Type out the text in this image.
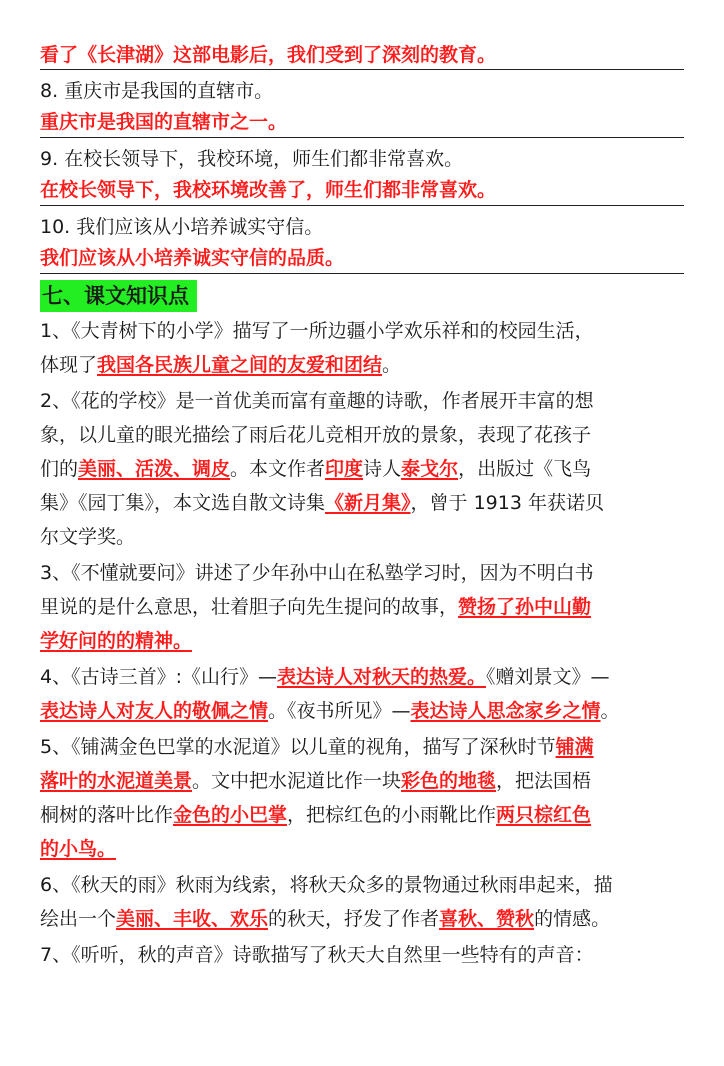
看了《长津湖》这部电影后，我们受到了深刻的教育。
8. 重庆市是我国的直辖市。
重庆市是我国的直辖市之一。
9. 在校长领导下，我校环境，师生们都非常喜欢。
在校长领导下，我校环境改善了，师生们都非常喜欢。
10. 我们应该从小培养诚实守信。
我们应该从小培养诚实守信的品质。
七、课文知识点
1、《大青树下的小学》描写了一所边疆小学欢乐祥和的校园生活，
体现了我国各民族儿童之间的友爱和团结。
2、《花的学校》是一首优美而富有童趣的诗歌，作者展开丰富的想
象，以儿童的眼光描绘了雨后花儿竞相开放的景象，表现了花孩子
们的美丽、活泼、调皮。本文作者印度诗人泰戈尔，出版过《飞鸟
集》《园丁集》，本文选自散文诗集《新月集》，曾于 1913 年获诺贝
尔文学奖。
3、《不懂就要问》讲述了少年孙中山在私塾学习时，因为不明白书
里说的是什么意思，壮着胆子向先生提问的故事，赞扬了孙中山勤
学好问的的精神。
4、《古诗三首》:《山行》—表达诗人对秋天的热爱。《赠刘景文》—
表达诗人对友人的敬佩之情。《夜书所见》—表达诗人思念家乡之情。
5、《铺满金色巴掌的水泥道》以儿童的视角，描写了深秋时节铺满
落叶的水泥道美景。文中把水泥道比作一块彩色的地毯，把法国梧
桐树的落叶比作金色的小巴掌，把棕红色的小雨靴比作两只棕红色
的小鸟。
6、《秋天的雨》秋雨为线索，将秋天众多的景物通过秋雨串起来，描
绘出一个美丽、丰收、欢乐的秋天，抒发了作者喜秋、赞秋的情感。
7、《听听，秋的声音》诗歌描写了秋天大自然里一些特有的声音：
